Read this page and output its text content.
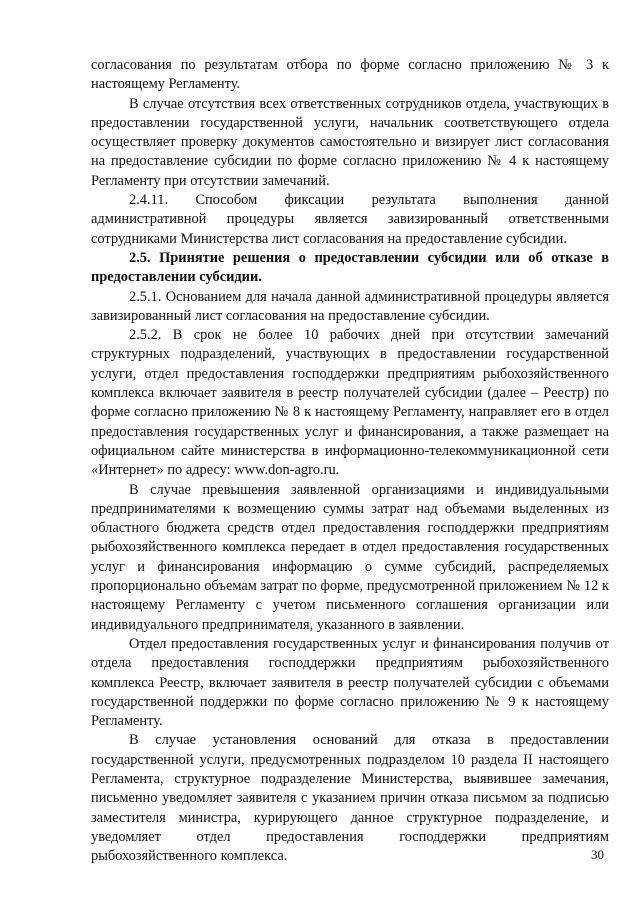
согласования по результатам отбора по форме согласно приложению № 3 к настоящему Регламенту.

В случае отсутствия всех ответственных сотрудников отдела, участвующих в предоставлении государственной услуги, начальник соответствующего отдела осуществляет проверку документов самостоятельно и визирует лист согласования на предоставление субсидии по форме согласно приложению № 4 к настоящему Регламенту при отсутствии замечаний.

2.4.11. Способом фиксации результата выполнения данной административной процедуры является завизированный ответственными сотрудниками Министерства лист согласования на предоставление субсидии.

2.5. Принятие решения о предоставлении субсидии или об отказе в предоставлении субсидии.

2.5.1. Основанием для начала данной административной процедуры является завизированный лист согласования на предоставление субсидии.

2.5.2. В срок не более 10 рабочих дней при отсутствии замечаний структурных подразделений, участвующих в предоставлении государственной услуги, отдел предоставления господдержки предприятиям рыбохозяйственного комплекса включает заявителя в реестр получателей субсидии (далее – Реестр) по форме согласно приложению № 8 к настоящему Регламенту, направляет его в отдел предоставления государственных услуг и финансирования, а также размещает на официальном сайте министерства в информационно-телекоммуникационной сети «Интернет» по адресу: www.don-agro.ru.

В случае превышения заявленной организациями и индивидуальными предпринимателями к возмещению суммы затрат над объемами выделенных из областного бюджета средств отдел предоставления господдержки предприятиям рыбохозяйственного комплекса передает в отдел предоставления государственных услуг и финансирования информацию о сумме субсидий, распределяемых пропорционально объемам затрат по форме, предусмотренной приложением № 12 к настоящему Регламенту с учетом письменного соглашения организации или индивидуального предпринимателя, указанного в заявлении.

Отдел предоставления государственных услуг и финансирования получив от отдела предоставления господдержки предприятиям рыбохозяйственного комплекса Реестр, включает заявителя в реестр получателей субсидии с объемами государственной поддержки по форме согласно приложению № 9 к настоящему Регламенту.

В случае установления оснований для отказа в предоставлении государственной услуги, предусмотренных подразделом 10 раздела II настоящего Регламента, структурное подразделение Министерства, выявившее замечания, письменно уведомляет заявителя с указанием причин отказа письмом за подписью заместителя министра, курирующего данное структурное подразделение, и уведомляет отдел предоставления господдержки предприятиям рыбохозяйственного комплекса.	30
